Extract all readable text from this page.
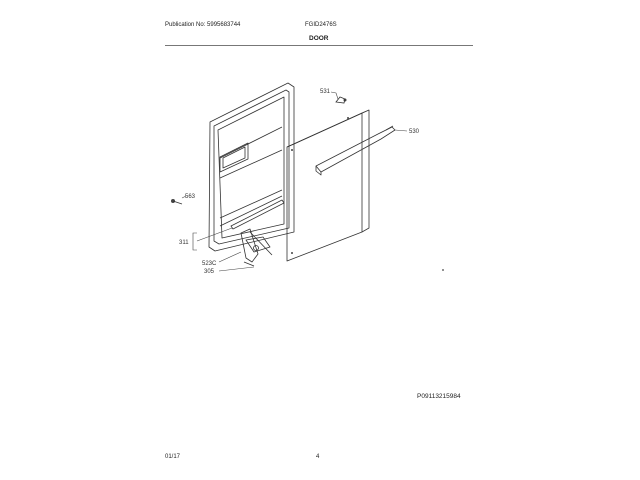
Publication No: 5995683744	FGID2476S
DOOR
531
530
563
311
523C
305
P09113215984
01/17	4
